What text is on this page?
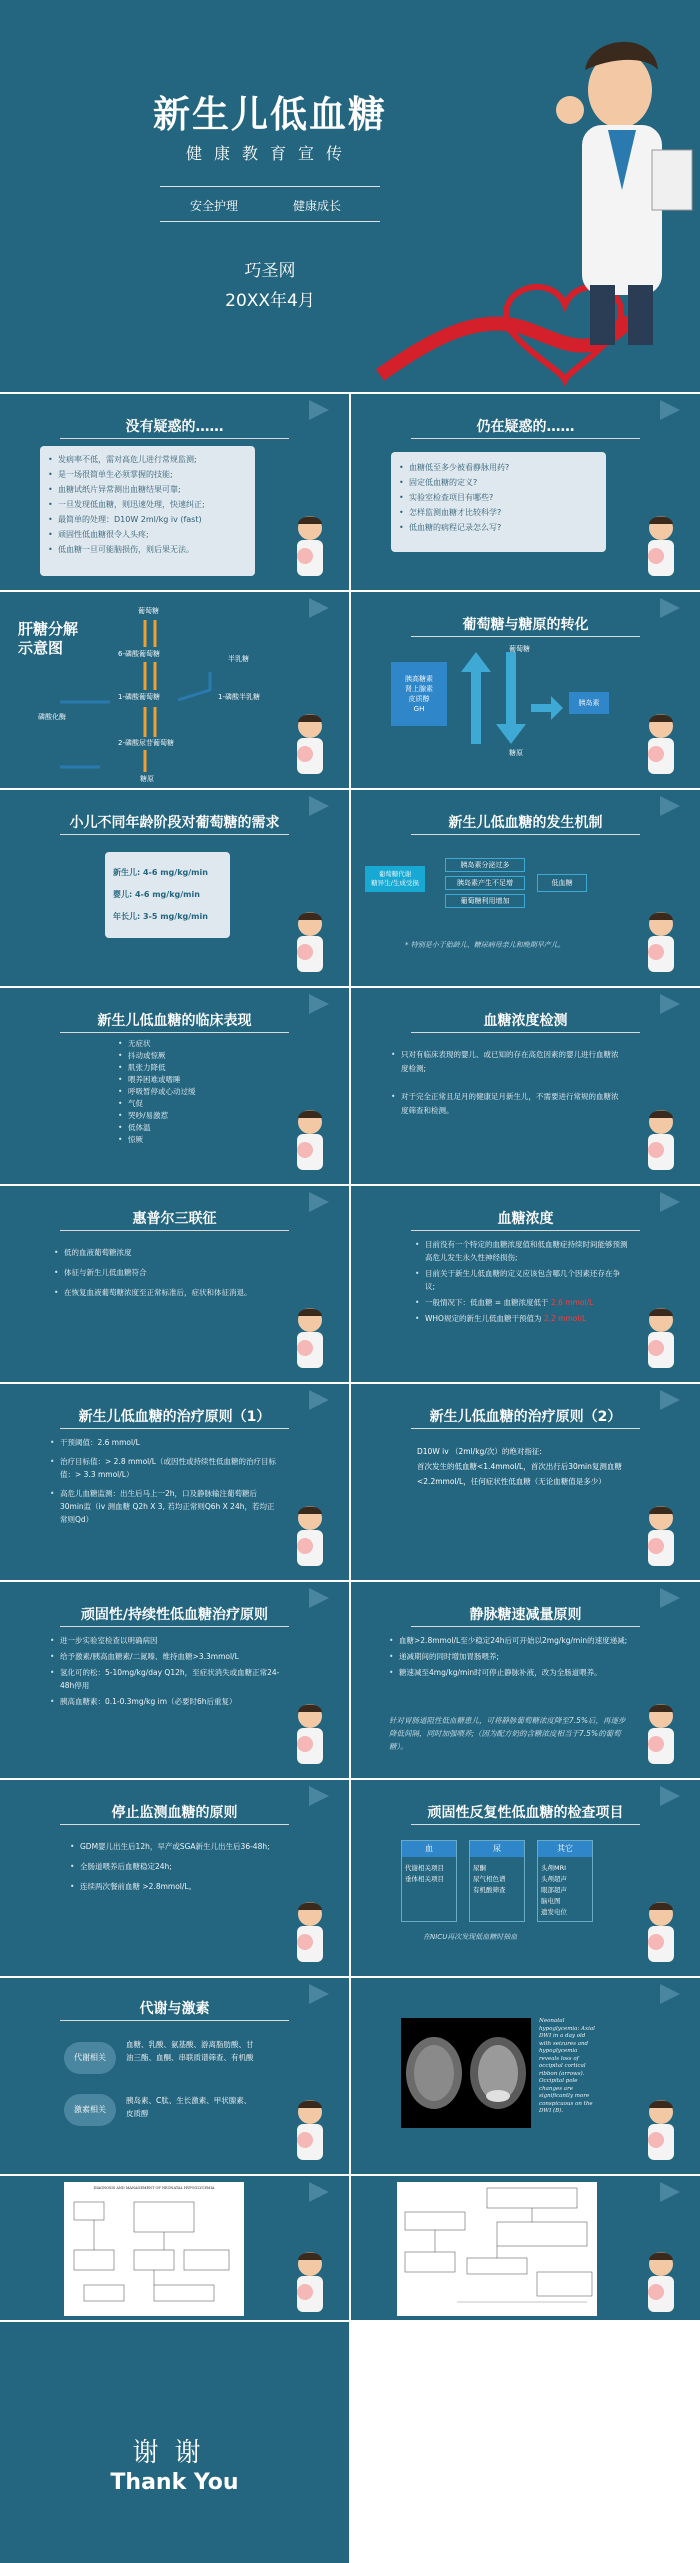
新生儿低血糖
健康教育宣传
安全护理	健康成长
巧圣网
20XX年4月
没有疑惑的……
• 发病率不低，需对高危儿进行常规监测;
• 是一场很简单生必须掌握的技能;
• 血糖试纸片异常测出血糖结果可靠;
• 一旦发现低血糖，则迅速处理，快速纠正;
• 最简单的处理：D10W 2ml/kg iv (fast)
• 顽固性低血糖很令人头疼;
• 低血糖一旦可能脑损伤，则后果无法。
仍在疑惑的……
• 血糖低至多少被看静脉用药?
• 固定低血糖的定义?
• 实验室检查项目有哪些?
• 怎样监测血糖才比较科学?
• 低血糖的病程记录怎么写?
肝糖分解
示意图
葡萄糖
6-磷酸葡萄糖
1-磷酸葡萄糖
半乳糖
1-磷酸半乳糖
磷酸化酶
2-磷酸尿苷葡萄糖
糖原
葡萄糖与糖原的转化
胰高糖素
肾上腺素
皮质醇
GH
葡萄糖
胰岛素
糖原
小儿不同年龄阶段对葡萄糖的需求
新生儿: 4-6 mg/kg/min
婴儿: 4-6 mg/kg/min
年长儿: 3-5 mg/kg/min
新生儿低血糖的发生机制
葡萄糖代谢
糖异生/生成受损
胰岛素分泌过多
胰岛素产生不足增
葡萄糖利用增加
低血糖
* 特别是小于胎龄儿、糖尿病母亲儿和晚期早产儿。
新生儿低血糖的临床表现
• 无症状
• 抖动或惊厥
• 肌张力降低
• 喂养困难或嗜睡
• 呼吸暂停或心动过缓
• 气促
• 哭吵/易激惹
• 低体温
• 惊厥
血糖浓度检测
• 只对有临床表现的婴儿、或已知的存在高危因素的婴儿进行血糖浓度检测;
• 对于完全正常且足月的健康足月新生儿，不需要进行常规的血糖浓度筛查和检测。
惠普尔三联征
• 低的血液葡萄糖浓度
• 体征与新生儿低血糖符合
• 在恢复血液葡萄糖浓度至正常标准后，症状和体征消退。
血糖浓度
• 目前没有一个特定的血糖浓度值和低血糖症持续时间能够预测高危儿发生永久性神经损伤;
• 目前关于新生儿低血糖的定义应该包含哪几个因素还存在争议;
• 一般情况下：低血糖 = 血糖浓度低于 2.6 mmol/L
• WHO规定的新生儿低血糖干预值为 2.2 mmol/L
新生儿低血糖的治疗原则（1）
• 干预阈值：2.6 mmol/L
• 治疗目标值：> 2.8 mmol/L（或因性或持续性低血糖的治疗目标值：> 3.3 mmol/L）
• 高危儿血糖监测：出生后马上一2h，口及静脉输注葡萄糖后30min监（iv 测血糖 Q2h X 3, 若均正常则Q6h X 24h，若均正常则Qd）
新生儿低血糖的治疗原则（2）
D10W iv （2ml/kg/次）的绝对指征:
首次发生的低血糖<1.4mmol/L，首次出行后30min复测血糖<2.2mmol/L，任何症状性低血糖（无论血糖值是多少）
顽固性/持续性低血糖治疗原则
• 进一步实验室检查以明确病因
• 给予激素/胰高血糖素/二氮嗪、维持血糖>3.3mmol/L
• 氢化可的松：5-10mg/kg/day Q12h，至症状消失或血糖正常24-48h停用
• 胰高血糖素：0.1-0.3mg/kg im（必要时6h后重复）
静脉糖速减量原则
• 血糖>2.8mmol/L至少稳定24h后可开始以2mg/kg/min的速度递减;
• 递减期间的同时增加胃肠喂养;
• 糖速减至4mg/kg/min时可停止静脉补液，改为全肠道喂养。
针对胃肠道阻性低血糖患儿，可将静脉葡萄糖浓度降至7.5%后，再逐步降低间隔，同时加强喂养;（因为配方奶的含糖浓度相当于7.5%的葡萄糖）。
停止监测血糖的原则
• GDM婴儿出生后12h，早产或SGA新生儿出生后36-48h;
• 全肠道喂养后血糖稳定24h;
• 连续两次餐前血糖 >2.8mmol/L。
顽固性反复性低血糖的检查项目
血
代谢相关项目
垂体相关项目
尿
尿酮
尿气相色谱
有机酸筛查
其它
头颅MRI
头颅超声
眼部超声
脑电图
遗发电位
在NICU再次发现低血糖时抽血
代谢与激素
代谢相关
血糖、乳酸、氨基酸、游离脂肪酸、甘油三酯、血酮、串联质谱筛查、有机酸
激素相关
胰岛素、C肽、生长激素、甲状腺素、皮质醇
Neonatal hypoglycemia: Axial DWI in a day old with seizures and hypoglycemia reveals loss of occipital cortical ribbon (arrows). Occipital pole changes are significantly more conspicuous on the DWI (B).
DIAGNOSIS AND MANAGEMENT OF NEONATAL HYPOGLYCEMIA
谢谢
Thank You
